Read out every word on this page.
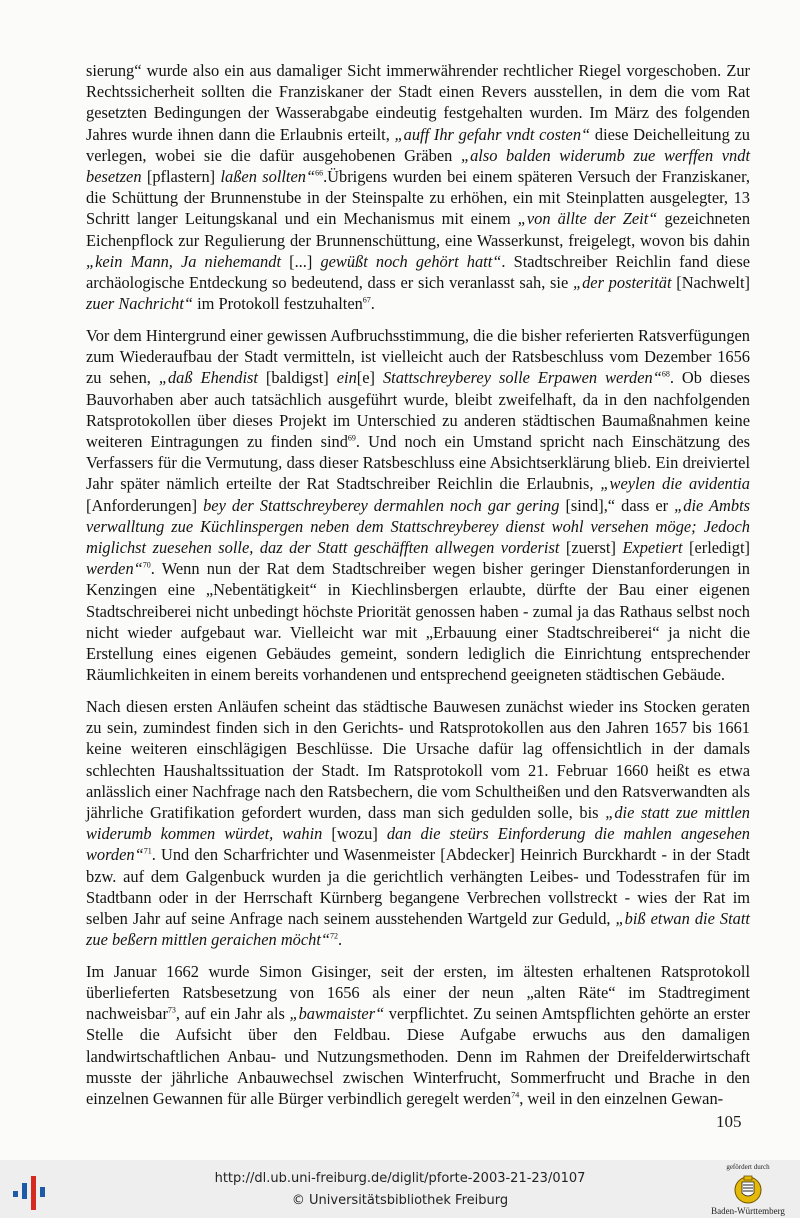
sierung“ wurde also ein aus damaliger Sicht immerwährender rechtlicher Riegel vorgeschoben. Zur Rechtssicherheit sollten die Franziskaner der Stadt einen Revers ausstellen, in dem die vom Rat gesetzten Bedingungen der Wasserabgabe eindeutig festgehalten wurden. Im März des folgenden Jahres wurde ihnen dann die Erlaubnis erteilt, „auff Ihr gefahr vndt costen“ diese Deichelleitung zu verlegen, wobei sie die dafür ausgehobenen Gräben „also balden widerumb zue werffen vndt besetzen [pflastern] laßen sollten“$^{66}$.Übrigens wurden bei einem späteren Versuch der Franziskaner, die Schüttung der Brunnenstube in der Steinspalte zu erhöhen, ein mit Steinplatten ausgelegter, 13 Schritt langer Leitungskanal und ein Mechanismus mit einem „von ällte der Zeit“ gezeichneten Eichenpflock zur Regulierung der Brunnenschüttung, eine Wasserkunst, freigelegt, wovon bis dahin „kein Mann, Ja niehemandt [...] gewüßt noch gehört hatt“. Stadtschreiber Reichlin fand diese archäologische Entdeckung so bedeutend, dass er sich veranlasst sah, sie „der posteritӓt [Nachwelt] zuer Nachricht“ im Protokoll festzuhalten$^{67}$.

Vor dem Hintergrund einer gewissen Aufbruchsstimmung, die die bisher referierten Ratsverfügungen zum Wiederaufbau der Stadt vermitteln, ist vielleicht auch der Ratsbeschluss vom Dezember 1656 zu sehen, „daß Ehendist [baldigst] ein[e] Stattschreyberey solle Erpawen werden“$^{68}$. Ob dieses Bauvorhaben aber auch tatsächlich ausgeführt wurde, bleibt zweifelhaft, da in den nachfolgenden Ratsprotokollen über dieses Projekt im Unterschied zu anderen städtischen Baumaßnahmen keine weiteren Eintragungen zu finden sind$^{69}$. Und noch ein Umstand spricht nach Einschätzung des Verfassers für die Vermutung, dass dieser Ratsbeschluss eine Absichtserklärung blieb. Ein dreiviertel Jahr später nämlich erteilte der Rat Stadtschreiber Reichlin die Erlaubnis, „weylen die avidentia [Anforderungen] bey der Stattschreyberey dermahlen noch gar gering [sind],“ dass er „die Ambts verwalltung zue Küchlinspergen neben dem Stattschreyberey dienst wohl versehen möge; Jedoch miglichst zuesehen solle, daz der Statt geschäfften allwegen vorderist [zuerst] Expetiert [erledigt] werden“$^{70}$. Wenn nun der Rat dem Stadtschreiber wegen bisher geringer Dienstanforderungen in Kenzingen eine „Nebentätigkeit“ in Kiechlinsbergen erlaubte, dürfte der Bau einer eigenen Stadtschreiberei nicht unbedingt höchste Priorität genossen haben - zumal ja das Rathaus selbst noch nicht wieder aufgebaut war. Vielleicht war mit „Erbauung einer Stadtschreiberei“ ja nicht die Erstellung eines eigenen Gebäudes gemeint, sondern lediglich die Einrichtung entsprechender Räumlichkeiten in einem bereits vorhandenen und entsprechend geeigneten städtischen Gebäude.

Nach diesen ersten Anläufen scheint das städtische Bauwesen zunächst wieder ins Stocken geraten zu sein, zumindest finden sich in den Gerichts- und Ratsprotokollen aus den Jahren 1657 bis 1661 keine weiteren einschlägigen Beschlüsse. Die Ursache dafür lag offensichtlich in der damals schlechten Haushaltssituation der Stadt. Im Ratsprotokoll vom 21. Februar 1660 heißt es etwa anlässlich einer Nachfrage nach den Ratsbechern, die vom Schultheißen und den Ratsverwandten als jährliche Gratifikation gefordert wurden, dass man sich gedulden solle, bis „die statt zue mittlen widerumb kommen würdet, wahin [wozu] dan die steürs Einforderung die mahlen angesehen worden“$^{71}$. Und den Scharfrichter und Wasenmeister [Abdecker] Heinrich Burckhardt - in der Stadt bzw. auf dem Galgenbuck wurden ja die gerichtlich verhängten Leibes- und Todesstrafen für im Stadtbann oder in der Herrschaft Kürnberg begangene Verbrechen vollstreckt - wies der Rat im selben Jahr auf seine Anfrage nach seinem ausstehenden Wartgeld zur Geduld, „biß etwan die Statt zue beßern mittlen geraichen möcht“$^{72}$.

Im Januar 1662 wurde Simon Gisinger, seit der ersten, im ältesten erhaltenen Ratsprotokoll überlieferten Ratsbesetzung von 1656 als einer der neun „alten Räte“ im Stadtregiment nachweisbar$^{73}$, auf ein Jahr als „bawmaister“ verpflichtet. Zu seinen Amtspflichten gehörte an erster Stelle die Aufsicht über den Feldbau. Diese Aufgabe erwuchs aus den damaligen landwirtschaftlichen Anbau- und Nutzungsmethoden. Denn im Rahmen der Dreifelderwirtschaft musste der jährliche Anbauwechsel zwischen Winterfrucht, Sommerfrucht und Brache in den einzelnen Gewannen für alle Bürger verbindlich geregelt werden$^{74}$, weil in den einzelnen Gewan-

105
http://dl.ub.uni-freiburg.de/diglit/pforte-2003-21-23/0107
© Universitätsbibliothek Freiburg
gefördert durch
Baden-Württemberg
